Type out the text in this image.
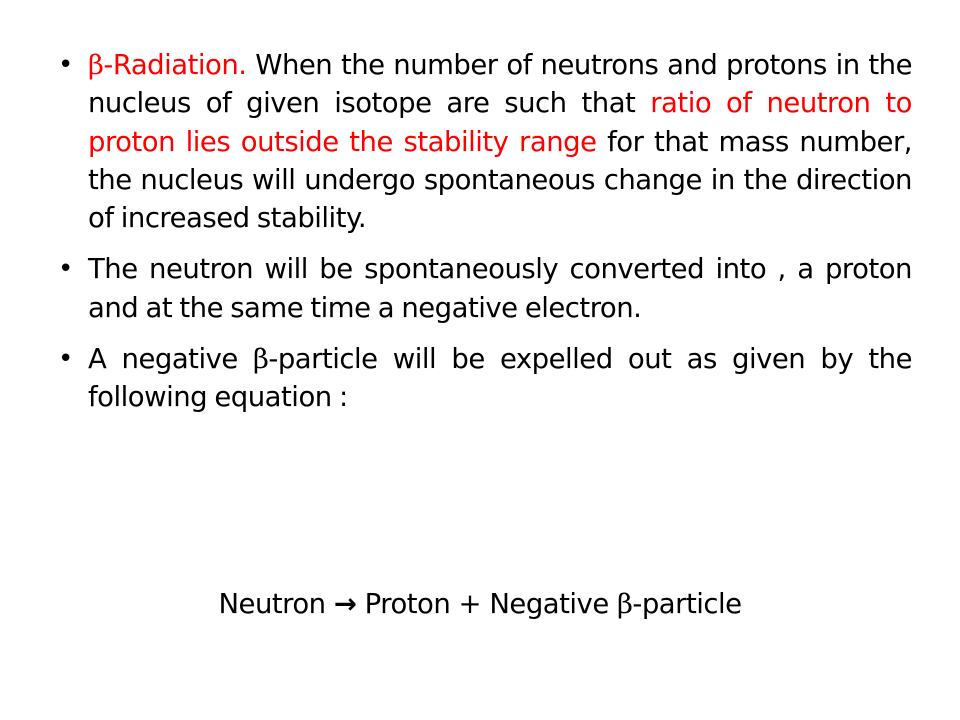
• β-Radiation. When the number of neutrons and protons in the nucleus of given isotope are such that ratio of neutron to proton lies outside the stability range for that mass number, the nucleus will undergo spontaneous change in the direction of increased stability.
• The neutron will be spontaneously converted into , a proton and at the same time a negative electron.
• A negative β-particle will be expelled out as given by the following equation :
Neutron → Proton + Negative β-particle
